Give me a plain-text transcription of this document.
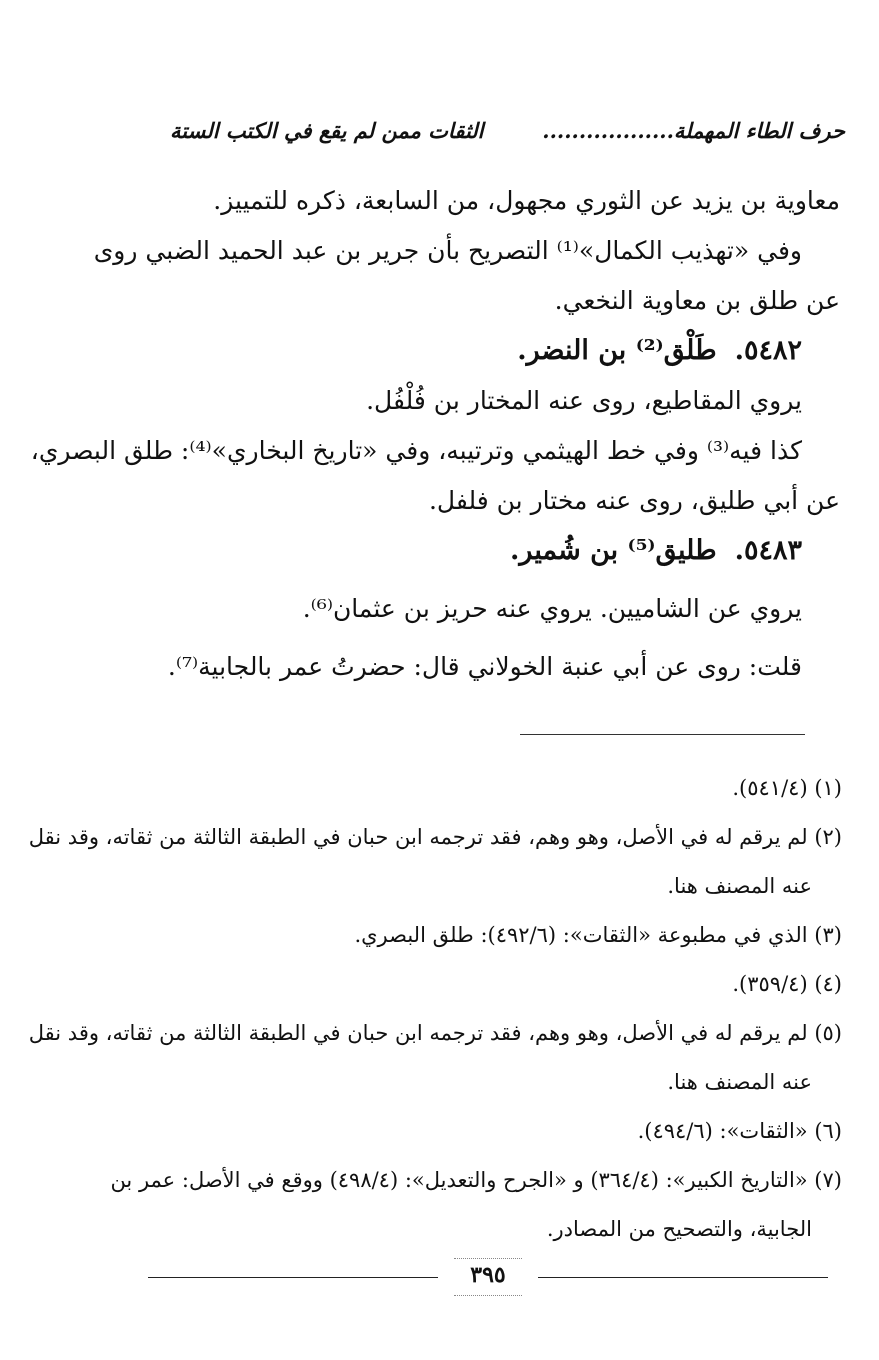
حرف الطاء المهملة..................
الثقات ممن لم يقع في الكتب الستة
معاوية بن يزيد عن الثوري مجهول، من السابعة، ذكره للتمييز.
وفي «تهذيب الكمال»⁽¹⁾ التصريح بأن جرير بن عبد الحميد الضبي روى
عن طلق بن معاوية النخعي.
٥٤٨٢.طَلْق⁽²⁾ بن النضر.
يروي المقاطيع، روى عنه المختار بن فُلْفُل.
كذا فيه⁽³⁾ وفي خط الهيثمي وترتيبه، وفي «تاريخ البخاري»⁽⁴⁾: طلق البصري،
عن أبي طليق، روى عنه مختار بن فلفل.
٥٤٨٣.طليق⁽⁵⁾ بن شُمير.
يروي عن الشاميين. يروي عنه حريز بن عثمان⁽⁶⁾.
قلت: روى عن أبي عنبة الخولاني قال: حضرتُ عمر بالجابية⁽⁷⁾.
(١) (٥٤١/٤).
(٢) لم يرقم له في الأصل، وهو وهم، فقد ترجمه ابن حبان في الطبقة الثالثة من ثقاته، وقد نقل
عنه المصنف هنا.
(٣) الذي في مطبوعة «الثقات»: (٤٩٢/٦): طلق البصري.
(٤) (٣٥٩/٤).
(٥) لم يرقم له في الأصل، وهو وهم، فقد ترجمه ابن حبان في الطبقة الثالثة من ثقاته، وقد نقل
عنه المصنف هنا.
(٦) «الثقات»: (٤٩٤/٦).
(٧) «التاريخ الكبير»: (٣٦٤/٤) و «الجرح والتعديل»: (٤٩٨/٤) ووقع في الأصل: عمر بن
الجابية، والتصحيح من المصادر.
٣٩٥
